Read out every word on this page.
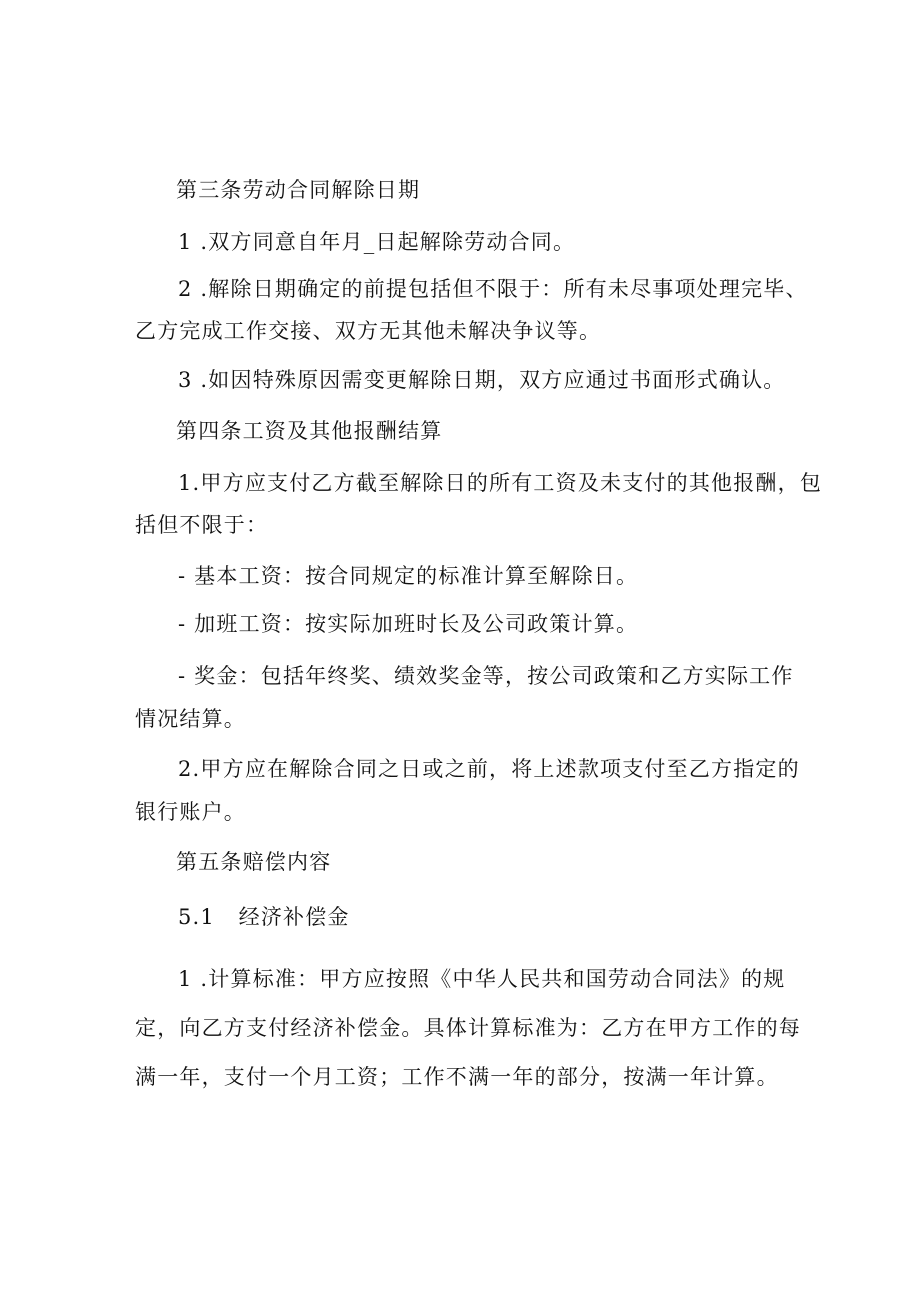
第三条劳动合同解除日期
1 .双方同意自年月_日起解除劳动合同。
2 .解除日期确定的前提包括但不限于：所有未尽事项处理完毕、
乙方完成工作交接、双方无其他未解决争议等。
3 .如因特殊原因需变更解除日期，双方应通过书面形式确认。
第四条工资及其他报酬结算
1.甲方应支付乙方截至解除日的所有工资及未支付的其他报酬，包
括但不限于：
- 基本工资：按合同规定的标准计算至解除日。
- 加班工资：按实际加班时长及公司政策计算。
- 奖金：包括年终奖、绩效奖金等，按公司政策和乙方实际工作
情况结算。
2.甲方应在解除合同之日或之前，将上述款项支付至乙方指定的
银行账户。
第五条赔偿内容
5.1   经济补偿金
1 .计算标准：甲方应按照《中华人民共和国劳动合同法》的规
定，向乙方支付经济补偿金。具体计算标准为：乙方在甲方工作的每
满一年，支付一个月工资；工作不满一年的部分，按满一年计算。
